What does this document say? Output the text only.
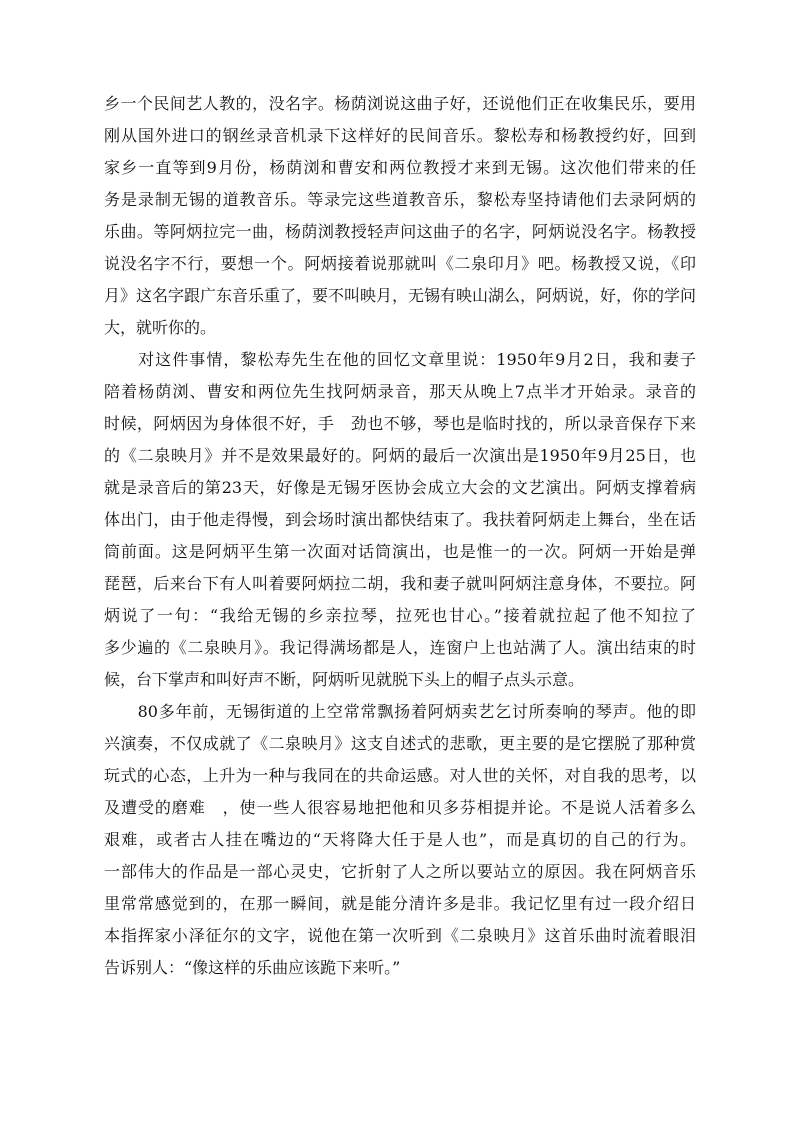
乡一个民间艺人教的，没名字。杨荫浏说这曲子好，还说他们正在收集民乐，要用
刚从国外进口的钢丝录音机录下这样好的民间音乐。黎松寿和杨教授约好，回到
家乡一直等到9月份，杨荫浏和曹安和两位教授才来到无锡。这次他们带来的任
务是录制无锡的道教音乐。等录完这些道教音乐，黎松寿坚持请他们去录阿炳的
乐曲。等阿炳拉完一曲，杨荫浏教授轻声问这曲子的名字，阿炳说没名字。杨教授
说没名字不行，要想一个。阿炳接着说那就叫《二泉印月》吧。杨教授又说，《印
月》这名字跟广东音乐重了，要不叫映月，无锡有映山湖么，阿炳说，好，你的学问
大，就听你的。
　　对这件事情，黎松寿先生在他的回忆文章里说：1950年9月2日，我和妻子
陪着杨荫浏、曹安和两位先生找阿炳录音，那天从晚上7点半才开始录。录音的
时候，阿炳因为身体很不好，手　劲也不够，琴也是临时找的，所以录音保存下来
的《二泉映月》并不是效果最好的。阿炳的最后一次演出是1950年9月25日，也
就是录音后的第23天，好像是无锡牙医协会成立大会的文艺演出。阿炳支撑着病
体出门，由于他走得慢，到会场时演出都快结束了。我扶着阿炳走上舞台，坐在话
筒前面。这是阿炳平生第一次面对话筒演出，也是惟一的一次。阿炳一开始是弹
琵琶，后来台下有人叫着要阿炳拉二胡，我和妻子就叫阿炳注意身体，不要拉。阿
炳说了一句：“我给无锡的乡亲拉琴，拉死也甘心。”接着就拉起了他不知拉了
多少遍的《二泉映月》。我记得满场都是人，连窗户上也站满了人。演出结束的时
候，台下掌声和叫好声不断，阿炳听见就脱下头上的帽子点头示意。
　　80多年前，无锡街道的上空常常飘扬着阿炳卖艺乞讨所奏响的琴声。他的即
兴演奏，不仅成就了《二泉映月》这支自述式的悲歌，更主要的是它摆脱了那种赏
玩式的心态，上升为一种与我同在的共命运感。对人世的关怀，对自我的思考，以
及遭受的磨难　，使一些人很容易地把他和贝多芬相提并论。不是说人活着多么
艰难，或者古人挂在嘴边的“天将降大任于是人也”，而是真切的自己的行为。
一部伟大的作品是一部心灵史，它折射了人之所以要站立的原因。我在阿炳音乐
里常常感觉到的，在那一瞬间，就是能分清许多是非。我记忆里有过一段介绍日
本指挥家小泽征尔的文字，说他在第一次听到《二泉映月》这首乐曲时流着眼泪
告诉别人：“像这样的乐曲应该跪下来听。”
